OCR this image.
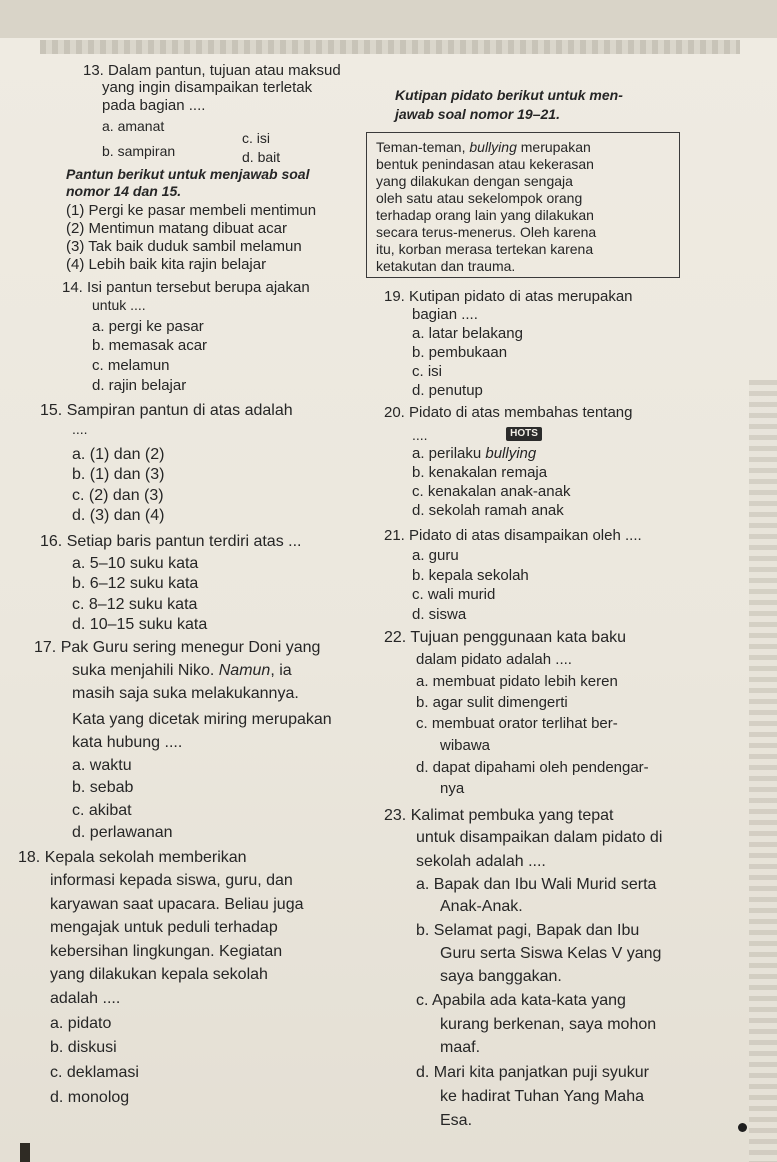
HOTS
13. Dalam pantun, tujuan atau maksud
yang ingin disampaikan terletak
pada bagian ....
a. amanat
c. isi
b. sampiran	d. bait
Pantun berikut untuk menjawab soal
nomor 14 dan 15.
(1) Pergi ke pasar membeli mentimun
(2) Mentimun matang dibuat acar
(3) Tak baik duduk sambil melamun
(4) Lebih baik kita rajin belajar
14. Isi pantun tersebut berupa ajakan
untuk ....
a. pergi ke pasar
b. memasak acar
c. melamun
d. rajin belajar
15. Sampiran pantun di atas adalah
....
a. (1) dan (2)
b. (1) dan (3)
c. (2) dan (3)
d. (3) dan (4)
16. Setiap baris pantun terdiri atas ...
a. 5–10 suku kata
b. 6–12 suku kata
c. 8–12 suku kata
d. 10–15 suku kata
17. Pak Guru sering menegur Doni yang
suka menjahili Niko. Namun, ia
masih saja suka melakukannya.
Kata yang dicetak miring merupakan
kata hubung ....
a. waktu
b. sebab
c. akibat
d. perlawanan
18. Kepala sekolah memberikan
informasi kepada siswa, guru, dan
karyawan saat upacara. Beliau juga
mengajak untuk peduli terhadap
kebersihan lingkungan. Kegiatan
yang dilakukan kepala sekolah
adalah ....
a. pidato
b. diskusi
c. deklamasi
d. monolog
Kutipan pidato berikut untuk men-
jawab soal nomor 19–21.
Teman-teman, bullying merupakan
bentuk penindasan atau kekerasan
yang dilakukan dengan sengaja
oleh satu atau sekelompok orang
terhadap orang lain yang dilakukan
secara terus-menerus. Oleh karena
itu, korban merasa tertekan karena
ketakutan dan trauma.
19. Kutipan pidato di atas merupakan
bagian ....
a. latar belakang
b. pembukaan
c. isi
d. penutup
20. Pidato di atas membahas tentang
....
a. perilaku bullying
b. kenakalan remaja
c. kenakalan anak-anak
d. sekolah ramah anak
21. Pidato di atas disampaikan oleh ....
a. guru
b. kepala sekolah
c. wali murid
d. siswa
22. Tujuan penggunaan kata baku
dalam pidato adalah ....
a. membuat pidato lebih keren
b. agar sulit dimengerti
c. membuat orator terlihat ber-
wibawa
d. dapat dipahami oleh pendengar-
nya
23. Kalimat pembuka yang tepat
untuk disampaikan dalam pidato di
sekolah adalah ....
a. Bapak dan Ibu Wali Murid serta
Anak-Anak.
b. Selamat pagi, Bapak dan Ibu
Guru serta Siswa Kelas V yang
saya banggakan.
c. Apabila ada kata-kata yang
kurang berkenan, saya mohon
maaf.
d. Mari kita panjatkan puji syukur
ke hadirat Tuhan Yang Maha
Esa.
